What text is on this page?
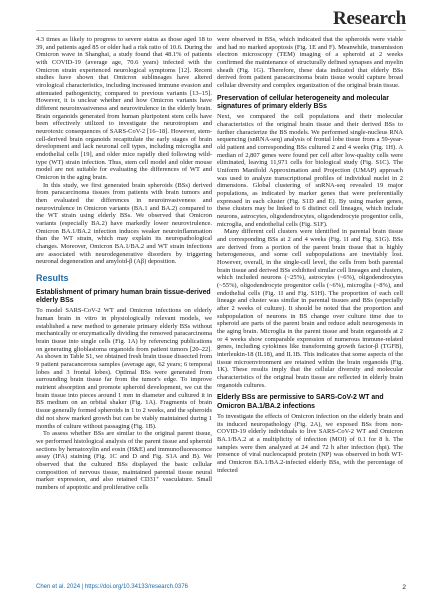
Research

4.3 times as likely to progress to severe status as those aged 18 to 39, and patients aged 85 or older had a risk ratio of 10.6. During the Omicron wave in Shanghai, a study found that 48.1% of patients with COVID-19 (average age, 70.6 years) infected with the Omicron strain experienced neurological symptoms [12]. Recent studies have shown that Omicron sublineages have altered virological characteristics, including increased immune evasion and attenuated pathogenicity, compared to previous variants [13–15]. However, it is unclear whether and how Omicron variants have different neuroinvasiveness and neurovirulence in the elderly brain. Brain organoids generated from human pluripotent stem cells have been effectively utilized to investigate the neurotropism and neurotoxic consequences of SARS-CoV-2 [16–18]. However, stem-cell-derived brain organoids recapitulate the early stages of brain development and lack neuronal cell types, including microglia and endothelial cells [19], and older mice rapidly died following wild-type (WT) strain infection. Thus, stem cell model and older mouse model are not suitable for evaluating the differences of WT and Omicron in the aging brain.

In this study, we first generated brain spheroids (BSs) derived from paracarcinoma tissues from patients with brain tumors and then evaluated the differences in neuroinvasiveness and neurovirulence in Omicron variants (BA.1 and BA.2) compared to the WT strain using elderly BSs. We observed that Omicron variants (especially BA.2) have markedly lower neurovirulence. Omicron BA.1/BA.2 infection induces weaker neuroinflammation than the WT strain, which may explain its neuropathological changes. Moreover, Omicron BA.1/BA.2 and WT strain infections are associated with neurodegenerative disorders by triggering neuronal degeneration and amyloid-β (Aβ) deposition.

Results
Establishment of primary human brain tissue-derived elderly BSs

To model SARS-CoV-2 WT and Omicron infections on elderly human brain in vitro in physiologically relevant models, we established a new method to generate primary elderly BSs without mechanically or enzymatically dividing the removed paracarcinoma brain tissue into single cells (Fig. 1A) by referencing publications on generating glioblastoma organoids from patient tumors [20–22]. As shown in Table S1, we obtained fresh brain tissue dissected from 9 patient paracancerous samples (average age, 62 years; 6 temporal lobes and 3 frontal lobes). Optimal BSs were generated from surrounding brain tissue far from the tumor's edge. To improve nutrient absorption and promote spheroid development, we cut the brain tissue into pieces around 1 mm in diameter and cultured it in BS medium on an orbital shaker (Fig. 1A). Fragments of brain tissue generally formed spheroids in 1 to 2 weeks, and the spheroids did not show marked growth but can be viably maintained during 1 months of culture without passaging (Fig. 1B).

To assess whether BSs are similar to the original parent tissue, we performed histological analysis of the parent tissue and spheroid sections by hematoxylin and eosin (H&E) and immunofluorescence assay (IFA) staining (Fig. 1C and D and Fig. S1A and B). We observed that the cultured BSs displayed the basic cellular composition of nervous tissue, maintained parental tissue neural marker expression, and also retained CD31⁺ vasculature. Small numbers of apoptotic and proliferative cells

were observed in BSs, which indicated that the spheroids were viable and had no marked apoptosis (Fig. 1E and F). Meanwhile, transmission electron microscopy (TEM) imaging of a spheroid at 2 weeks confirmed the maintenance of structurally defined synapses and myelin sheath (Fig. 1G). Therefore, these data indicated that elderly BSs derived from patient paracarcinoma brain tissue would capture broad cellular diversity and complex organization of the original brain tissue.

Preservation of cellular heterogeneity and molecular signatures of primary elderly BSs

Next, we compared the cell populations and their molecular characteristics of the original brain tissue and their derived BSs to further characterize the BS models. We performed single-nucleus RNA sequencing (snRNA-seq) analysis of frontal lobe tissue from a 59-year-old patient and corresponding BSs cultured 2 and 4 weeks (Fig. 1H). A median of 2,807 genes were found per cell after low-quality cells were eliminated, leaving 11,971 cells for biological study (Fig. S1C). The Uniform Manifold Approximation and Projection (UMAP) approach was used to analyze transcriptional profiles of individual nuclei in 2 dimensions. Global clustering of snRNA-seq revealed 19 major populations, as indicated by marker genes that were preferentially expressed in each cluster (Fig. S1D and E). By using marker genes, these clusters may be linked to 6 distinct cell lineages, which include neurons, astrocytes, oligodendrocytes, oligodendrocyte progenitor cells, microglia, and endothelial cells (Fig. S1F).

Many different cell clusters were identified in parental brain tissue and corresponding BSs at 2 and 4 weeks (Fig. 1I and Fig. S1G). BSs are derived from a portion of the parent brain tissue that is highly heterogeneous, and some cell subpopulations are inevitably lost. However, overall, in the single-cell level, the cells from both parental brain tissue and derived BSs exhibited similar cell lineages and clusters, which included neurons (~25%), astrocytes (~6%), oligodendrocytes (~55%), oligodendrocyte progenitor cells (~6%), microglia (~8%), and endothelial cells (Fig. 1I and Fig. S1H). The proportion of each cell lineage and cluster was similar in parental tissues and BSs (especially after 2 weeks of culture). It should be noted that the proportion and subpopulation of neurons in BS change over culture time due to spheroid are parts of the parent brain and reduce adult neurogenesis in the aging brain. Microglia in the parent tissue and brain organoids at 2 or 4 weeks show comparable expression of numerous immune-related genes, including cytokines like transforming growth factor-β (TGFB), interleukin-18 (IL18), and IL1B. This indicates that some aspects of the tissue microenvironment are retained within the brain organoids (Fig. 1K). These results imply that the cellular diversity and molecular characteristics of the original brain tissue are reflected in elderly brain organoids cultures.

Elderly BSs are permissive to SARS-CoV-2 WT and Omicron BA.1/BA.2 infections

To investigate the effects of Omicron infection on the elderly brain and its induced neuropathology (Fig. 2A), we exposed BSs from non-COVID-19 elderly individuals to live SARS-CoV-2 WT and Omicron BA.1/BA.2 at a multiplicity of infection (MOI) of 0.1 for 8 h. The samples were then analyzed at 24 and 72 h after infection (hpi). The presence of viral nucleocapsid protein (NP) was observed in both WT- and Omicron BA.1/BA.2-infected elderly BSs, with the percentage of infected

Chen et al. 2024 | https://doi.org/10.34133/research.0376	2
